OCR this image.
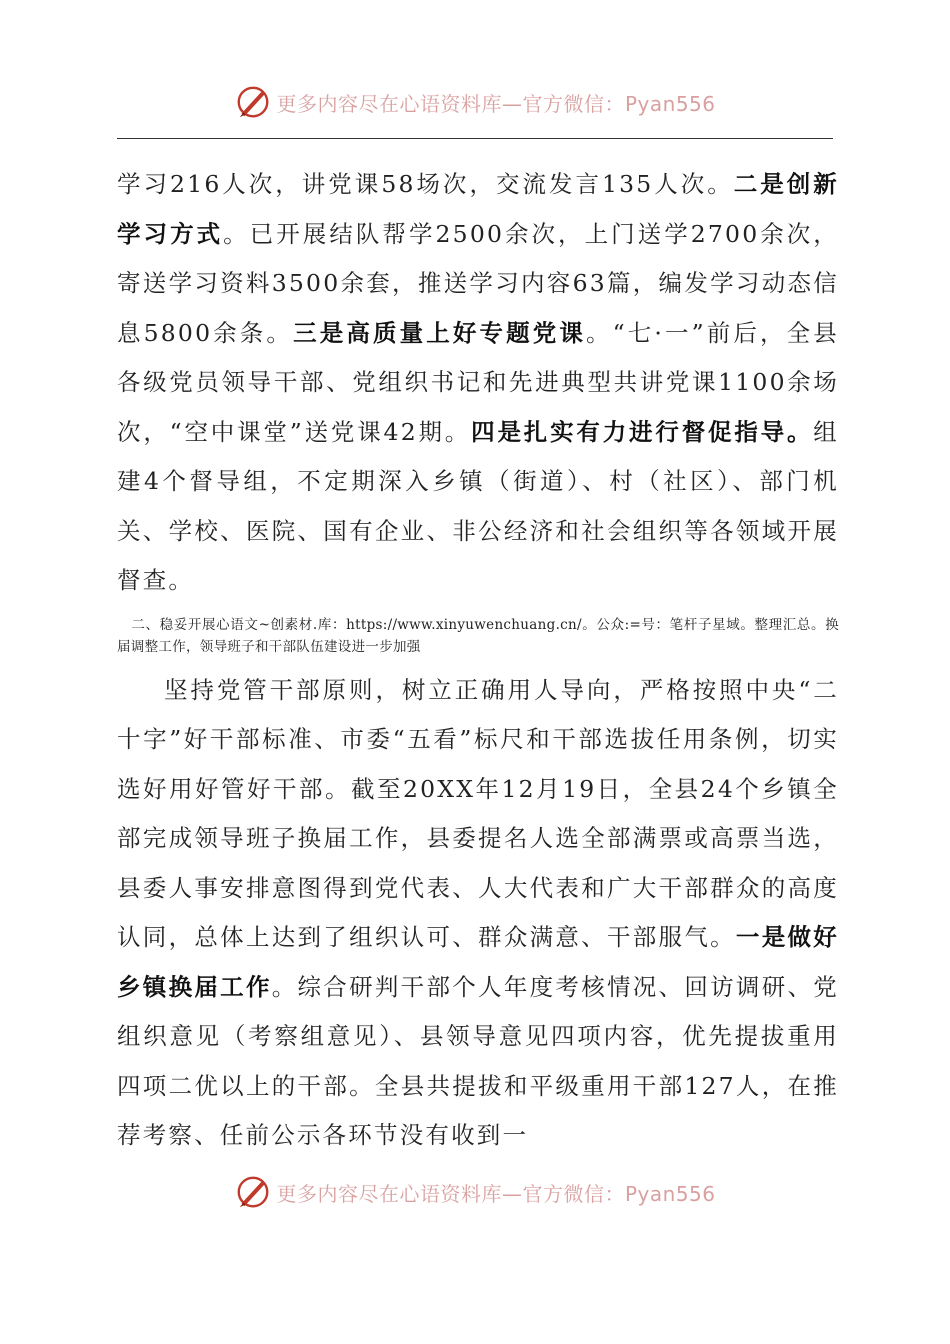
更多内容尽在心语资料库—官方微信：Pyan556

学习216人次，讲党课58场次，交流发言135人次。二是创新学习方式。已开展结队帮学2500余次，上门送学2700余次，寄送学习资料3500余套，推送学习内容63篇，编发学习动态信息5800余条。三是高质量上好专题党课。“七·一”前后，全县各级党员领导干部、党组织书记和先进典型共讲党课1100余场次，“空中课堂”送党课42期。四是扎实有力进行督促指导。组建4个督导组，不定期深入乡镇（街道）、村（社区）、部门机关、学校、医院、国有企业、非公经济和社会组织等各领域开展督查。

二、稳妥开展心语文~创素材.库：https://www.xinyuwenchuang.cn/。公众:=号：笔杆子星域。整理汇总。换届调整工作，领导班子和干部队伍建设进一步加强

坚持党管干部原则，树立正确用人导向，严格按照中央“二十字”好干部标准、市委“五看”标尺和干部选拔任用条例，切实选好用好管好干部。截至20XX年12月19日，全县24个乡镇全部完成领导班子换届工作，县委提名人选全部满票或高票当选，县委人事安排意图得到党代表、人大代表和广大干部群众的高度认同，总体上达到了组织认可、群众满意、干部服气。一是做好乡镇换届工作。综合研判干部个人年度考核情况、回访调研、党组织意见（考察组意见）、县领导意见四项内容，优先提拔重用四项二优以上的干部。全县共提拔和平级重用干部127人，在推荐考察、任前公示各环节没有收到一

更多内容尽在心语资料库—官方微信：Pyan556
